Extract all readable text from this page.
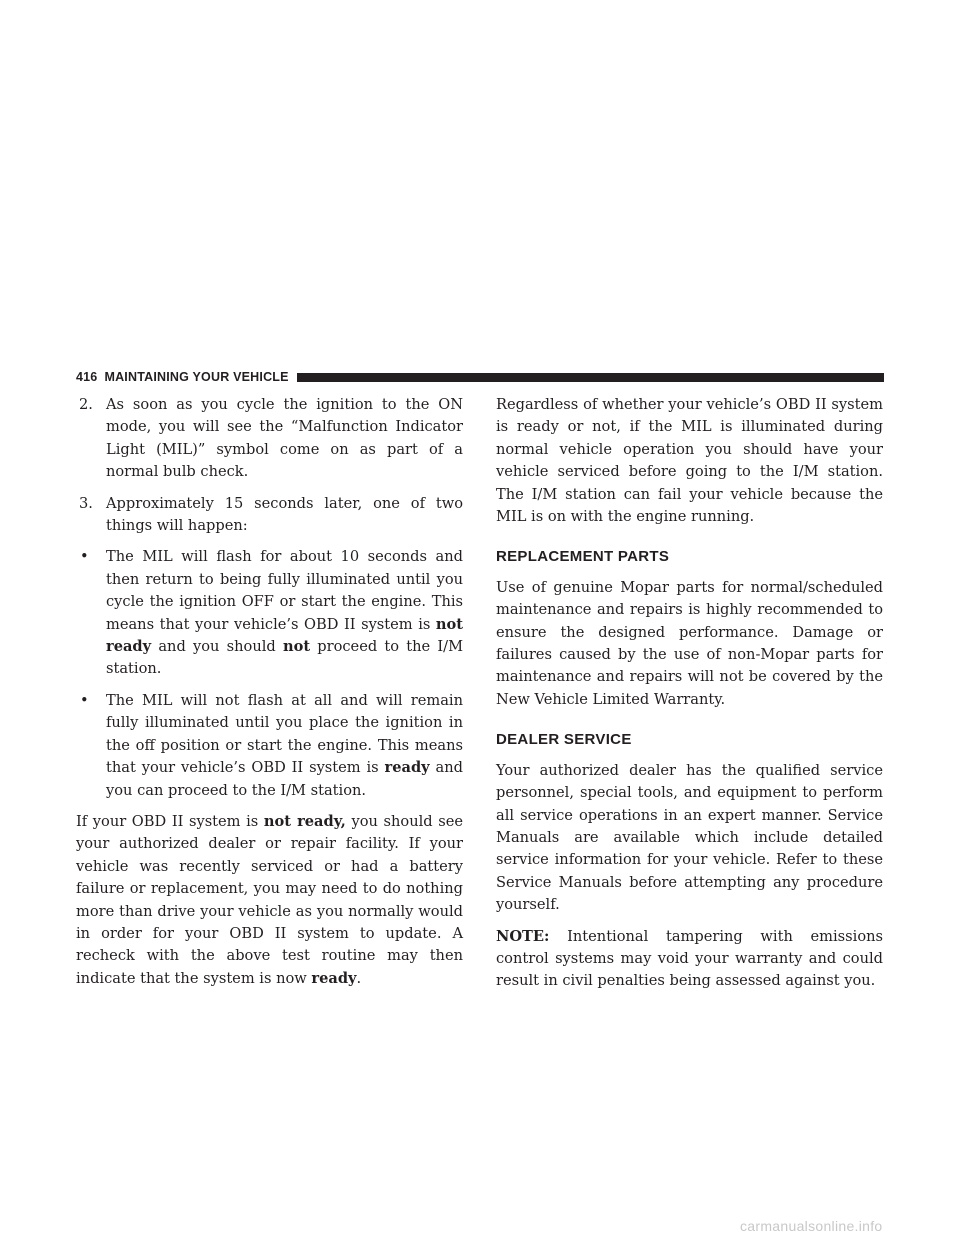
416 MAINTAINING YOUR VEHICLE
2. As soon as you cycle the ignition to the ON mode, you will see the “Malfunction Indicator Light (MIL)” symbol come on as part of a normal bulb check.

3. Approximately 15 seconds later, one of two things will happen:

• The MIL will flash for about 10 seconds and then return to being fully illuminated until you cycle the ignition OFF or start the engine. This means that your vehicle’s OBD II system is not ready and you should not proceed to the I/M station.

• The MIL will not flash at all and will remain fully illuminated until you place the ignition in the off position or start the engine. This means that your vehicle’s OBD II system is ready and you can proceed to the I/M station.

If your OBD II system is not ready, you should see your authorized dealer or repair facility. If your vehicle was recently serviced or had a battery failure or replacement, you may need to do nothing more than drive your vehicle as you normally would in order for your OBD II system to update. A recheck with the above test routine may then indicate that the system is now ready.

Regardless of whether your vehicle’s OBD II system is ready or not, if the MIL is illuminated during normal vehicle operation you should have your vehicle serviced before going to the I/M station. The I/M station can fail your vehicle because the MIL is on with the engine running.

REPLACEMENT PARTS

Use of genuine Mopar parts for normal/scheduled maintenance and repairs is highly recommended to ensure the designed performance. Damage or failures caused by the use of non-Mopar parts for maintenance and repairs will not be covered by the New Vehicle Limited Warranty.

DEALER SERVICE

Your authorized dealer has the qualified service personnel, special tools, and equipment to perform all service operations in an expert manner. Service Manuals are available which include detailed service information for your vehicle. Refer to these Service Manuals before attempting any procedure yourself.

NOTE: Intentional tampering with emissions control systems may void your warranty and could result in civil penalties being assessed against you.

carmanualsonline.info
